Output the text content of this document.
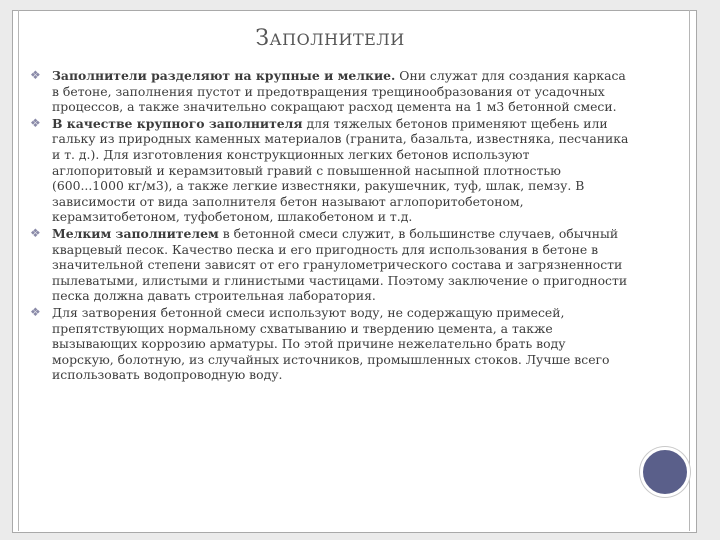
ЗАПОЛНИТЕЛИ
❖ Заполнители разделяют на крупные и мелкие. Они служат для создания каркаса в бетоне, заполнения пустот и предотвращения трещинообразования от усадочных процессов, а также значительно сокращают расход цемента на 1 м3 бетонной смеси.
❖ В качестве крупного заполнителя для тяжелых бетонов применяют щебень или гальку из природных каменных материалов (гранита, базальта, известняка, песчаника и т. д.). Для изготовления конструкционных легких бетонов используют аглопоритовый и керамзитовый гравий с повышенной насыпной плотностью (600...1000 кг/м3), а также легкие известняки, ракушечник, туф, шлак, пемзу. В зависимости от вида заполнителя бетон называют аглопоритобетоном, керамзитобетоном, туфобетоном, шлакобетоном и т.д.
❖ Мелким заполнителем в бетонной смеси служит, в большинстве случаев, обычный кварцевый песок. Качество песка и его пригодность для использования в бетоне в значительной степени зависят от его гранулометрического состава и загрязненности пылеватыми, илистыми и глинистыми частицами. Поэтому заключение о пригодности песка должна давать строительная лаборатория.
❖ Для затворения бетонной смеси используют воду, не содержащую примесей, препятствующих нормальному схватыванию и твердению цемента, а также вызывающих коррозию арматуры. По этой причине нежелательно брать воду морскую, болотную, из случайных источников, промышленных стоков. Лучше всего использовать водопроводную воду.
